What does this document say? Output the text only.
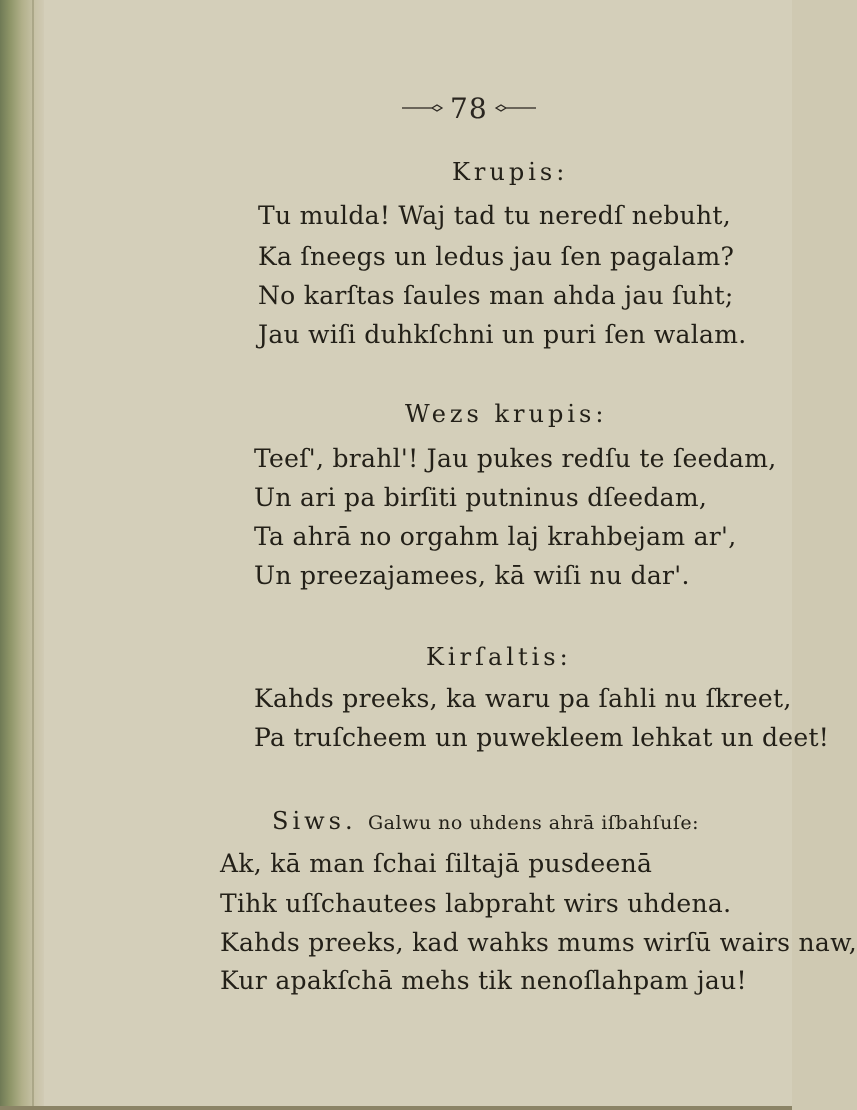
78
Krupis:
Tu mulda! Waj tad tu neredſ nebuht,
Ka ſneegs un ledus jau ſen pagalam?
No karſtas ſaules man ahda jau ſuht;
Jau wiſi duhkſchni un puri ſen walam.
Wezs krupis:
Teeſ', brahl'! Jau pukes redſu te ſeedam,
Un ari pa birſiti putninus dſeedam,
Ta ahrā no orgahm laj krahbejam ar',
Un preezajamees, kā wiſi nu dar'.
Kirſaltis:
Kahds preeks, ka waru pa ſahli nu ſkreet,
Pa truſcheem un puweklеem lehkat un deet!
Siws. Galwu no uhdens ahrā iſbahſuſe:
Ak, kā man ſchai ſiltajā pusdeenā
Tihk uſſchautees labpraht wirs uhdena.
Kahds preeks, kad wahks mums wirſū wairs naw,
Kur apakſchā mehs tik nenoſlahpam jau!
